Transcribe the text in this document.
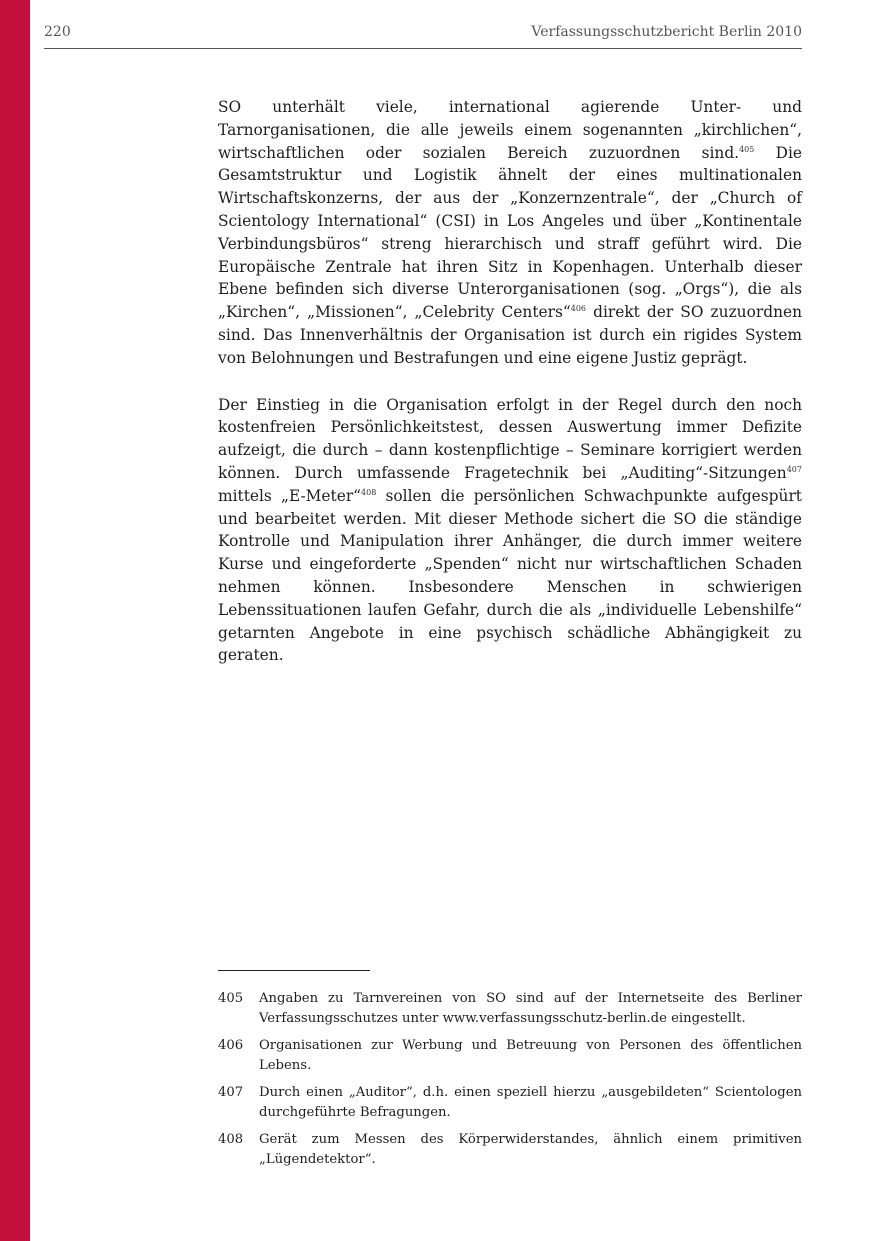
220	Verfassungsschutzbericht Berlin 2010

SO unterhält viele, international agierende Unter- und Tarnorganisationen, die alle jeweils einem sogenannten „kirchlichen“, wirtschaftlichen oder sozialen Bereich zuzuordnen sind.$^{405}$ Die Gesamtstruktur und Logistik ähnelt der eines multinationalen Wirtschaftskonzerns, der aus der „Konzernzentrale“, der „Church of Scientology International“ (CSI) in Los Angeles und über „Kontinentale Verbindungsbüros“ streng hierarchisch und straff geführt wird. Die Europäische Zentrale hat ihren Sitz in Kopenhagen. Unterhalb dieser Ebene befinden sich diverse Unterorganisationen (sog. „Orgs“), die als „Kirchen“, „Missionen“, „Celebrity Centers“$^{406}$ direkt der SO zuzuordnen sind. Das Innenverhältnis der Organisation ist durch ein rigides System von Belohnungen und Bestrafungen und eine eigene Justiz geprägt.

Der Einstieg in die Organisation erfolgt in der Regel durch den noch kostenfreien Persönlichkeitstest, dessen Auswertung immer Defizite aufzeigt, die durch – dann kostenpflichtige – Seminare korrigiert werden können. Durch umfassende Fragetechnik bei „Auditing“-Sitzungen$^{407}$ mittels „E-Meter“$^{408}$ sollen die persönlichen Schwachpunkte aufgespürt und bearbeitet werden. Mit dieser Methode sichert die SO die ständige Kontrolle und Manipulation ihrer Anhänger, die durch immer weitere Kurse und eingeforderte „Spenden“ nicht nur wirtschaftlichen Schaden nehmen können. Insbesondere Menschen in schwierigen Lebenssituationen laufen Gefahr, durch die als „individuelle Lebenshilfe“ getarnten Angebote in eine psychisch schädliche Abhängigkeit zu geraten.

405	Angaben zu Tarnvereinen von SO sind auf der Internetseite des Berliner Verfassungsschutzes unter www.verfassungsschutz-berlin.de eingestellt.
406	Organisationen zur Werbung und Betreuung von Personen des öffentlichen Lebens.
407	Durch einen „Auditor“, d.h. einen speziell hierzu „ausgebildeten“ Scientologen durchgeführte Befragungen.
408	Gerät zum Messen des Körperwiderstandes, ähnlich einem primitiven „Lügendetektor“.
